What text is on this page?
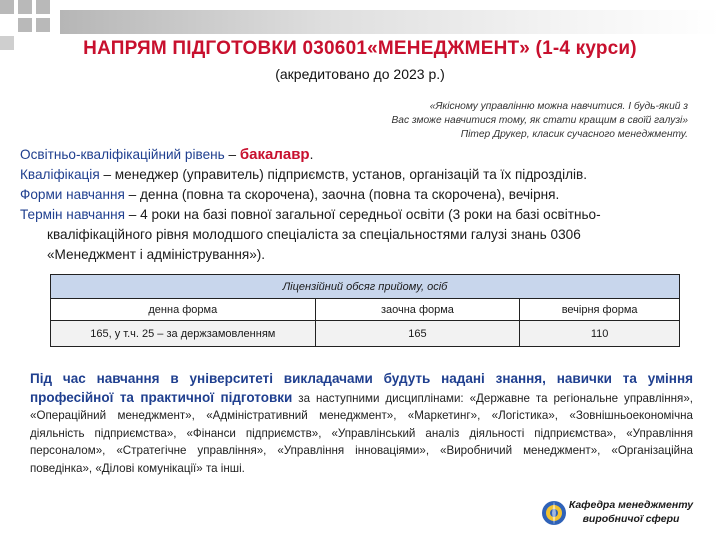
НАПРЯМ ПІДГОТОВКИ 030601«МЕНЕДЖМЕНТ» (1-4 курси)
(акредитовано до 2023 р.)
«Якісному управлінню можна навчитися. І будь-який з
Вас зможе навчитися тому, як стати кращим в своїй галузі»
Пітер Друкер, класик сучасного менеджменту.

Освітньо-кваліфікаційний рівень – бакалавр.

Кваліфікація – менеджер (управитель) підприємств, установ, організацій та їх підрозділів.

Форми навчання – денна (повна та скорочена), заочна (повна та скорочена), вечірня.

Термін навчання – 4 роки на базі повної загальної середньої освіти (3 роки на базі освітньо-

кваліфікаційного рівня молодшого спеціаліста за спеціальностями галузі знань 0306

«Менеджмент і адміністрування»).

Ліцензійний обсяг прийому, осіб		
денна форма	заочна форма	вечірня форма
165, у т.ч. 25 – за держзамовленням	165	110
Під час навчання в університеті викладачами будуть надані знання, навички та уміння професійної та практичної підготовки за наступними дисциплінами: «Державне та регіональне управління», «Операційний менеджмент», «Адміністративний менеджмент», «Маркетинг», «Логістика», «Зовнішньоекономічна діяльність підприємства», «Фінанси підприємств», «Управлінський аналіз діяльності підприємства», «Управління персоналом», «Стратегічне управління», «Управління інноваціями», «Виробничий менеджмент», «Організаційна поведінка», «Ділові комунікації» та інші.
Кафедра менеджменту
виробничої сфери
